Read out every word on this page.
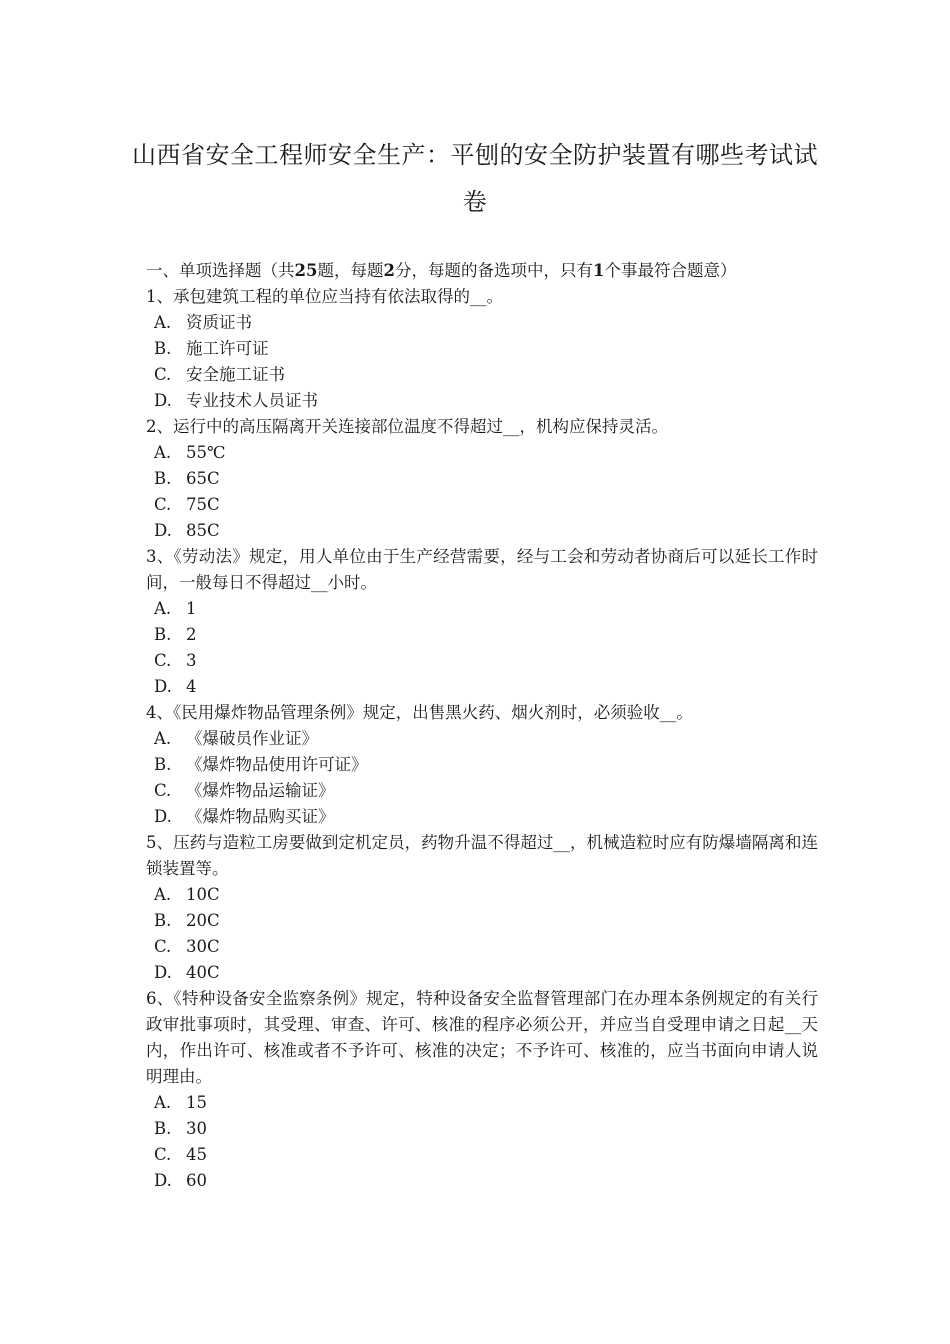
山西省安全工程师安全生产：平刨的安全防护装置有哪些考试试卷

一、单项选择题（共25题，每题2分，每题的备选项中，只有1个事最符合题意）

1、承包建筑工程的单位应当持有依法取得的__。

A. 资质证书
B. 施工许可证
C. 安全施工证书
D. 专业技术人员证书

2、运行中的高压隔离开关连接部位温度不得超过__，机构应保持灵活。

A. 55℃
B. 65C
C. 75C
D. 85C

3、《劳动法》规定，用人单位由于生产经营需要，经与工会和劳动者协商后可以延长工作时间，一般每日不得超过__小时。

A. 1
B. 2
C. 3
D. 4

4、《民用爆炸物品管理条例》规定，出售黑火药、烟火剂时，必须验收__。

A. 《爆破员作业证》
B. 《爆炸物品使用许可证》
C. 《爆炸物品运输证》
D. 《爆炸物品购买证》

5、压药与造粒工房要做到定机定员，药物升温不得超过__，机械造粒时应有防爆墙隔离和连锁装置等。

A. 10C
B. 20C
C. 30C
D. 40C

6、《特种设备安全监察条例》规定，特种设备安全监督管理部门在办理本条例规定的有关行政审批事项时，其受理、审查、许可、核准的程序必须公开，并应当自受理申请之日起__天内，作出许可、核准或者不予许可、核准的决定；不予许可、核准的，应当书面向申请人说明理由。

A. 15
B. 30
C. 45
D. 60
